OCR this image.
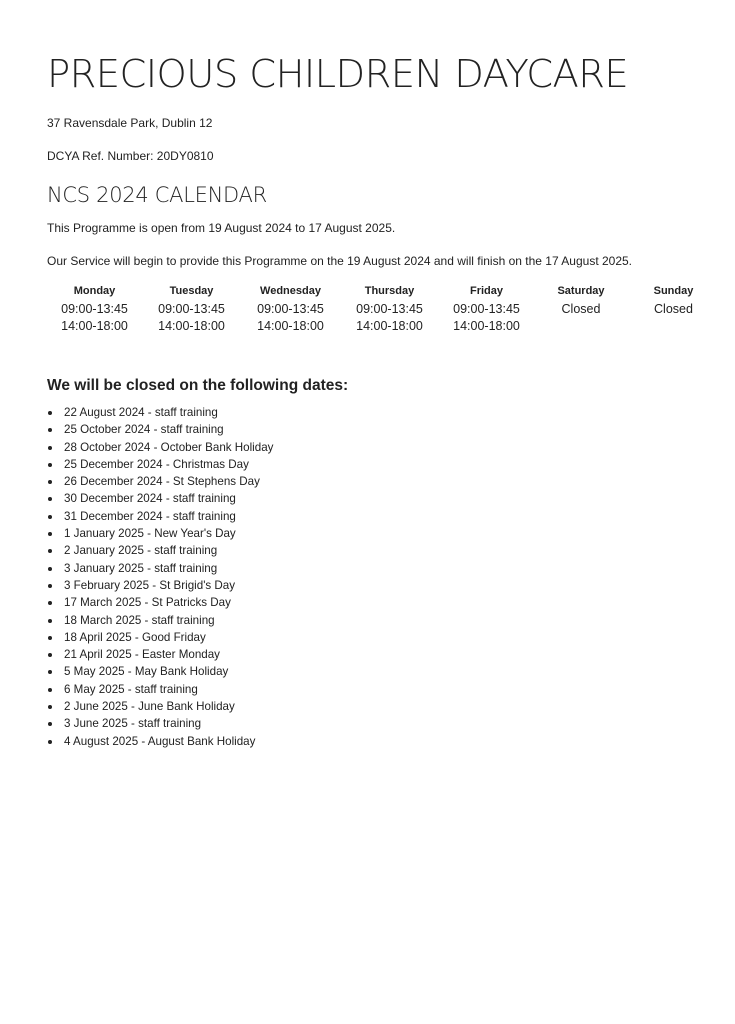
PRECIOUS CHILDREN DAYCARE

37 Ravensdale Park, Dublin 12

DCYA Ref. Number: 20DY0810

NCS 2024 CALENDAR

This Programme is open from 19 August 2024 to 17 August 2025.

Our Service will begin to provide this Programme on the 19 August 2024 and will finish on the 17 August 2025.

Monday	Tuesday	Wednesday	Thursday	Friday	Saturday	Sunday
09:00-13:45	09:00-13:45	09:00-13:45	09:00-13:45	09:00-13:45	Closed	Closed
14:00-18:00	14:00-18:00	14:00-18:00	14:00-18:00	14:00-18:00		
We will be closed on the following dates:
22 August 2024 - staff training
25 October 2024 - staff training
28 October 2024 - October Bank Holiday
25 December 2024 - Christmas Day
26 December 2024 - St Stephens Day
30 December 2024 - staff training
31 December 2024 - staff training
1 January 2025 - New Year's Day
2 January 2025 - staff training
3 January 2025 - staff training
3 February 2025 - St Brigid's Day
17 March 2025 - St Patricks Day
18 March 2025 - staff training
18 April 2025 - Good Friday
21 April 2025 - Easter Monday
5 May 2025 - May Bank Holiday
6 May 2025 - staff training
2 June 2025 - June Bank Holiday
3 June 2025 - staff training
4 August 2025 - August Bank Holiday
